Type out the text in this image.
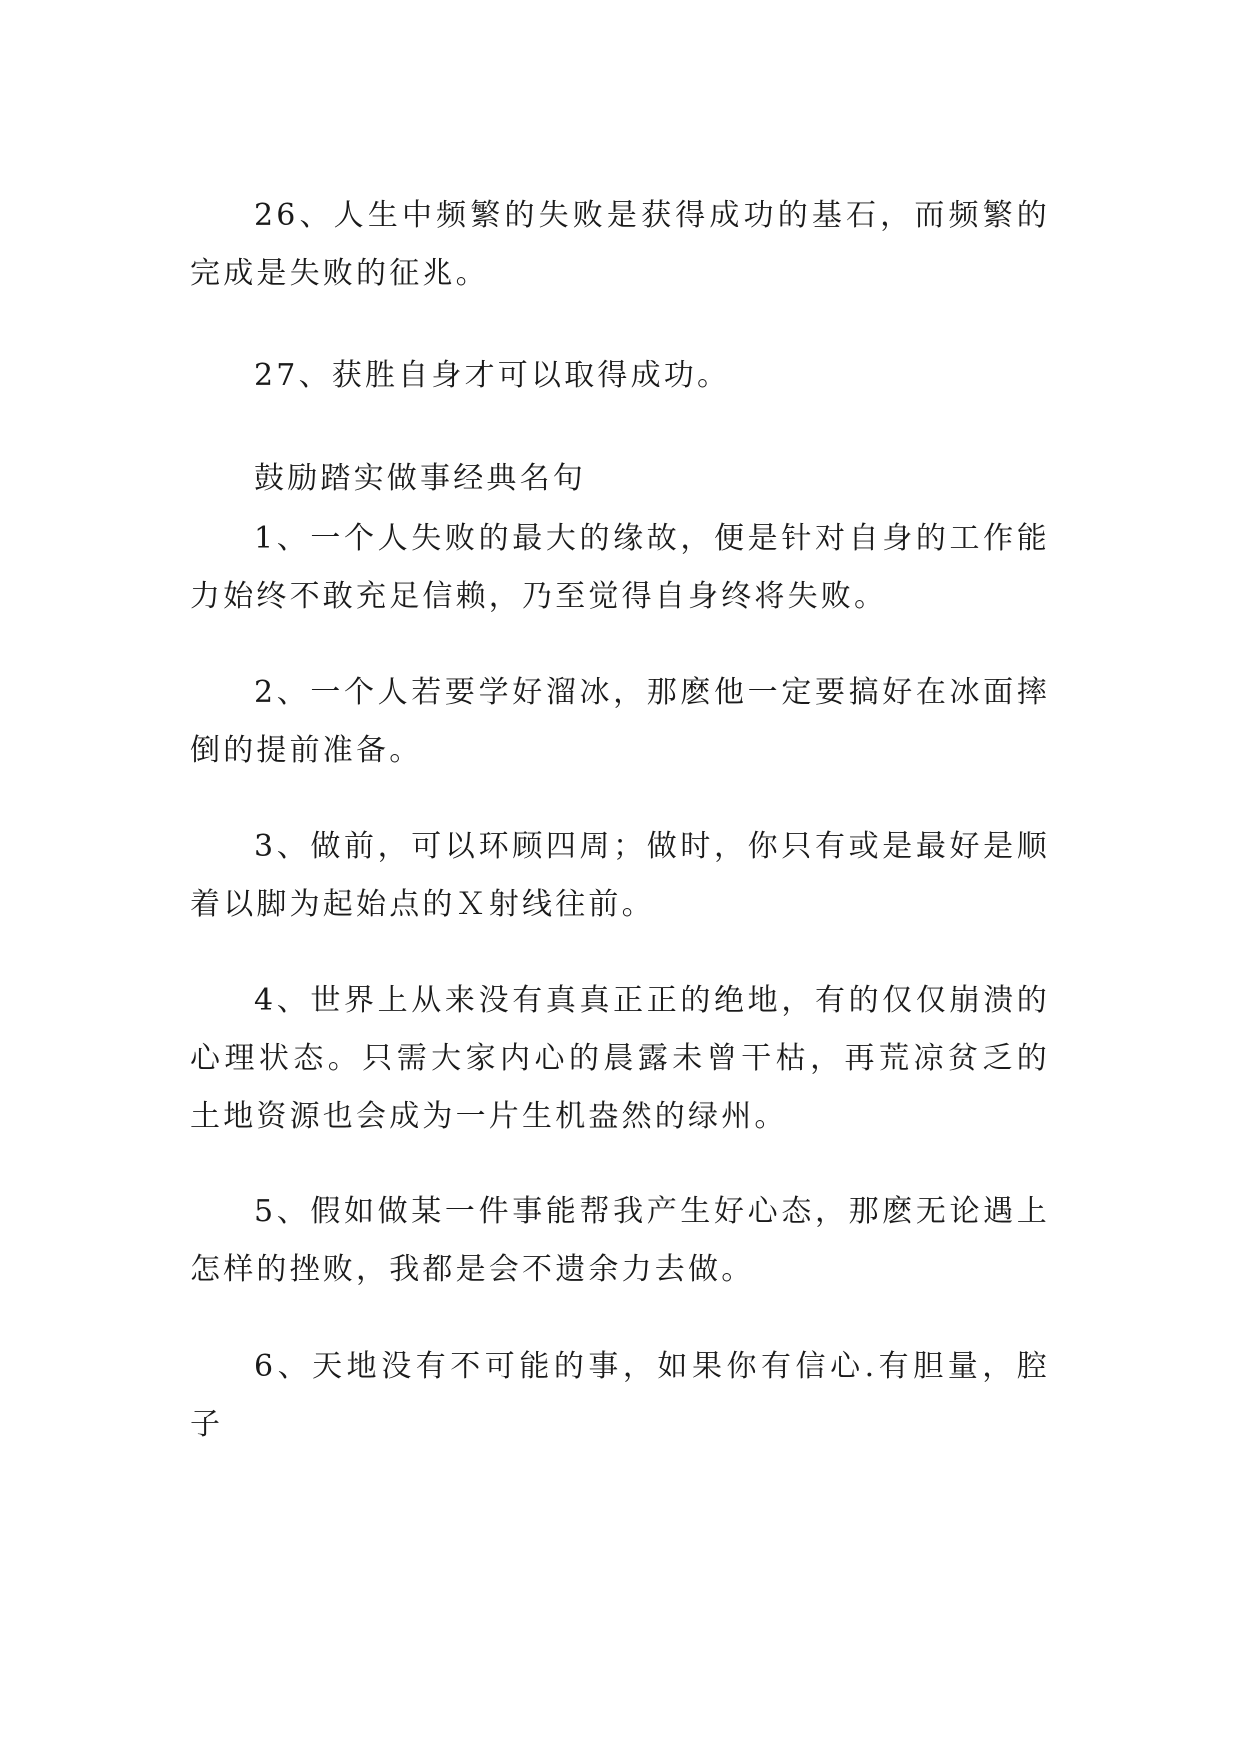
26、人生中频繁的失败是获得成功的基石，而频繁的完成是失败的征兆。

27、获胜自身才可以取得成功。

鼓励踏实做事经典名句

1、一个人失败的最大的缘故，便是针对自身的工作能力始终不敢充足信赖，乃至觉得自身终将失败。

2、一个人若要学好溜冰，那麽他一定要搞好在冰面摔倒的提前准备。

3、做前，可以环顾四周；做时，你只有或是最好是顺着以脚为起始点的Ｘ射线往前。

4、世界上从来没有真真正正的绝地，有的仅仅崩溃的心理状态。只需大家内心的晨露未曾干枯，再荒凉贫乏的土地资源也会成为一片生机盎然的绿州。

5、假如做某一件事能帮我产生好心态，那麽无论遇上怎样的挫败，我都是会不遗余力去做。

6、天地没有不可能的事，如果你有信心.有胆量，腔子
